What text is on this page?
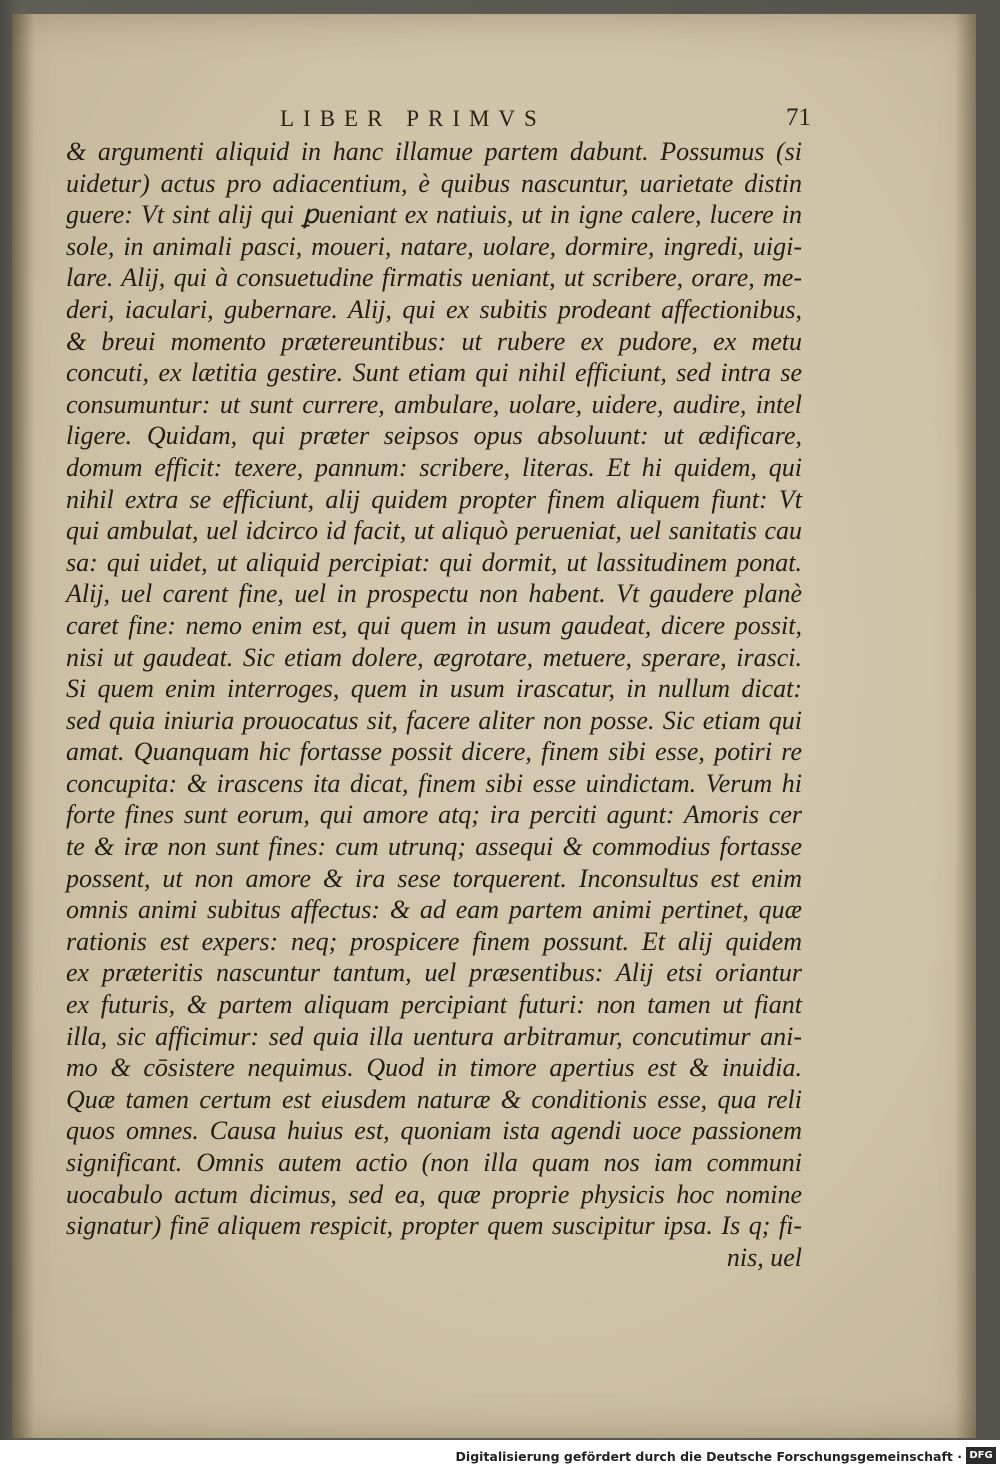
LIBER PRIMVS	71
& argumenti aliquid in hanc illamue partem dabunt. Possumus (si
uidetur) actus pro adiacentium, è quibus nascuntur, uarietate distin
guere: Vt sint alij qui ꝑueniant ex natiuis, ut in igne calere, lucere in
sole, in animali pasci, moueri, natare, uolare, dormire, ingredi, uigi-
lare. Alij, qui à consuetudine firmatis ueniant, ut scribere, orare, me-
deri, iaculari, gubernare. Alij, qui ex subitis prodeant affectionibus,
& breui momento prætereuntibus: ut rubere ex pudore, ex metu
concuti, ex lætitia gestire. Sunt etiam qui nihil efficiunt, sed intra se
consumuntur: ut sunt currere, ambulare, uolare, uidere, audire, intel
ligere. Quidam, qui præter seipsos opus absoluunt: ut ædificare,
domum efficit: texere, pannum: scribere, literas. Et hi quidem, qui
nihil extra se efficiunt, alij quidem propter finem aliquem fiunt: Vt
qui ambulat, uel idcirco id facit, ut aliquò perueniat, uel sanitatis cau
sa: qui uidet, ut aliquid percipiat: qui dormit, ut lassitudinem ponat.
Alij, uel carent fine, uel in prospectu non habent. Vt gaudere planè
caret fine: nemo enim est, qui quem in usum gaudeat, dicere possit,
nisi ut gaudeat. Sic etiam dolere, ægrotare, metuere, sperare, irasci.
Si quem enim interroges, quem in usum irascatur, in nullum dicat:
sed quia iniuria prouocatus sit, facere aliter non posse. Sic etiam qui
amat. Quanquam hic fortasse possit dicere, finem sibi esse, potiri re
concupita: & irascens ita dicat, finem sibi esse uindictam. Verum hi
forte fines sunt eorum, qui amore atq; ira perciti agunt: Amoris cer
te & iræ non sunt fines: cum utrunq; assequi & commodius fortasse
possent, ut non amore & ira sese torquerent. Inconsultus est enim
omnis animi subitus affectus: & ad eam partem animi pertinet, quæ
rationis est expers: neq; prospicere finem possunt. Et alij quidem
ex præteritis nascuntur tantum, uel præsentibus: Alij etsi oriantur
ex futuris, & partem aliquam percipiant futuri: non tamen ut fiant
illa, sic afficimur: sed quia illa uentura arbitramur, concutimur ani-
mo & cōsistere nequimus. Quod in timore apertius est & inuidia.
Quæ tamen certum est eiusdem naturæ & conditionis esse, qua reli
quos omnes. Causa huius est, quoniam ista agendi uoce passionem
significant. Omnis autem actio (non illa quam nos iam communi
uocabulo actum dicimus, sed ea, quæ proprie physicis hoc nomine
signatur) finē aliquem respicit, propter quem suscipitur ipsa. Is q; fi-
nis, uel
Digitalisierung gefördert durch die Deutsche Forschungsgemeinschaft · DFG
